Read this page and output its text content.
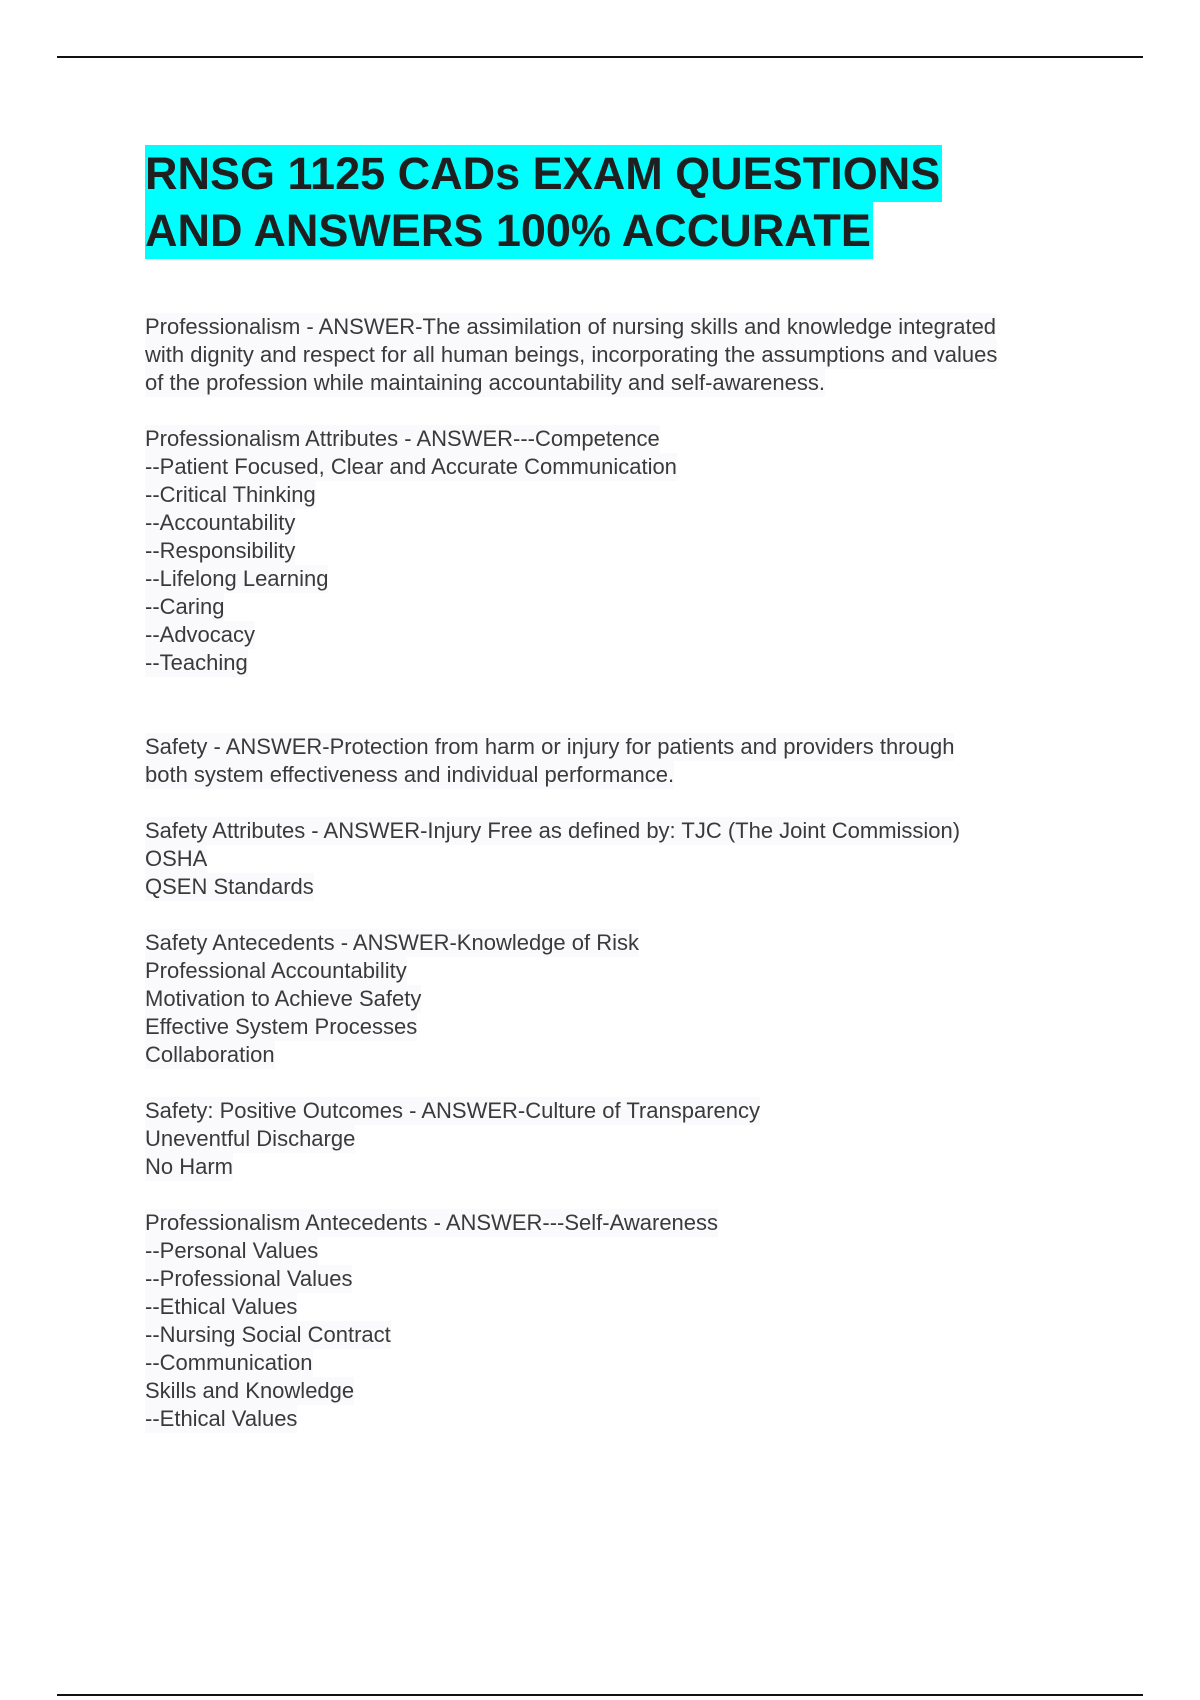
RNSG 1125 CADs EXAM QUESTIONS
AND ANSWERS 100% ACCURATE
Professionalism - ANSWER-The assimilation of nursing skills and knowledge integrated
with dignity and respect for all human beings, incorporating the assumptions and values
of the profession while maintaining accountability and self-awareness.
Professionalism Attributes - ANSWER---Competence
--Patient Focused, Clear and Accurate Communication
--Critical Thinking
--Accountability
--Responsibility
--Lifelong Learning
--Caring
--Advocacy
--Teaching
Safety - ANSWER-Protection from harm or injury for patients and providers through
both system effectiveness and individual performance.
Safety Attributes - ANSWER-Injury Free as defined by: TJC (The Joint Commission)
OSHA
QSEN Standards
Safety Antecedents - ANSWER-Knowledge of Risk
Professional Accountability
Motivation to Achieve Safety
Effective System Processes
Collaboration
Safety: Positive Outcomes - ANSWER-Culture of Transparency
Uneventful Discharge
No Harm
Professionalism Antecedents - ANSWER---Self-Awareness
--Personal Values
--Professional Values
--Ethical Values
--Nursing Social Contract
--Communication
Skills and Knowledge
--Ethical Values
